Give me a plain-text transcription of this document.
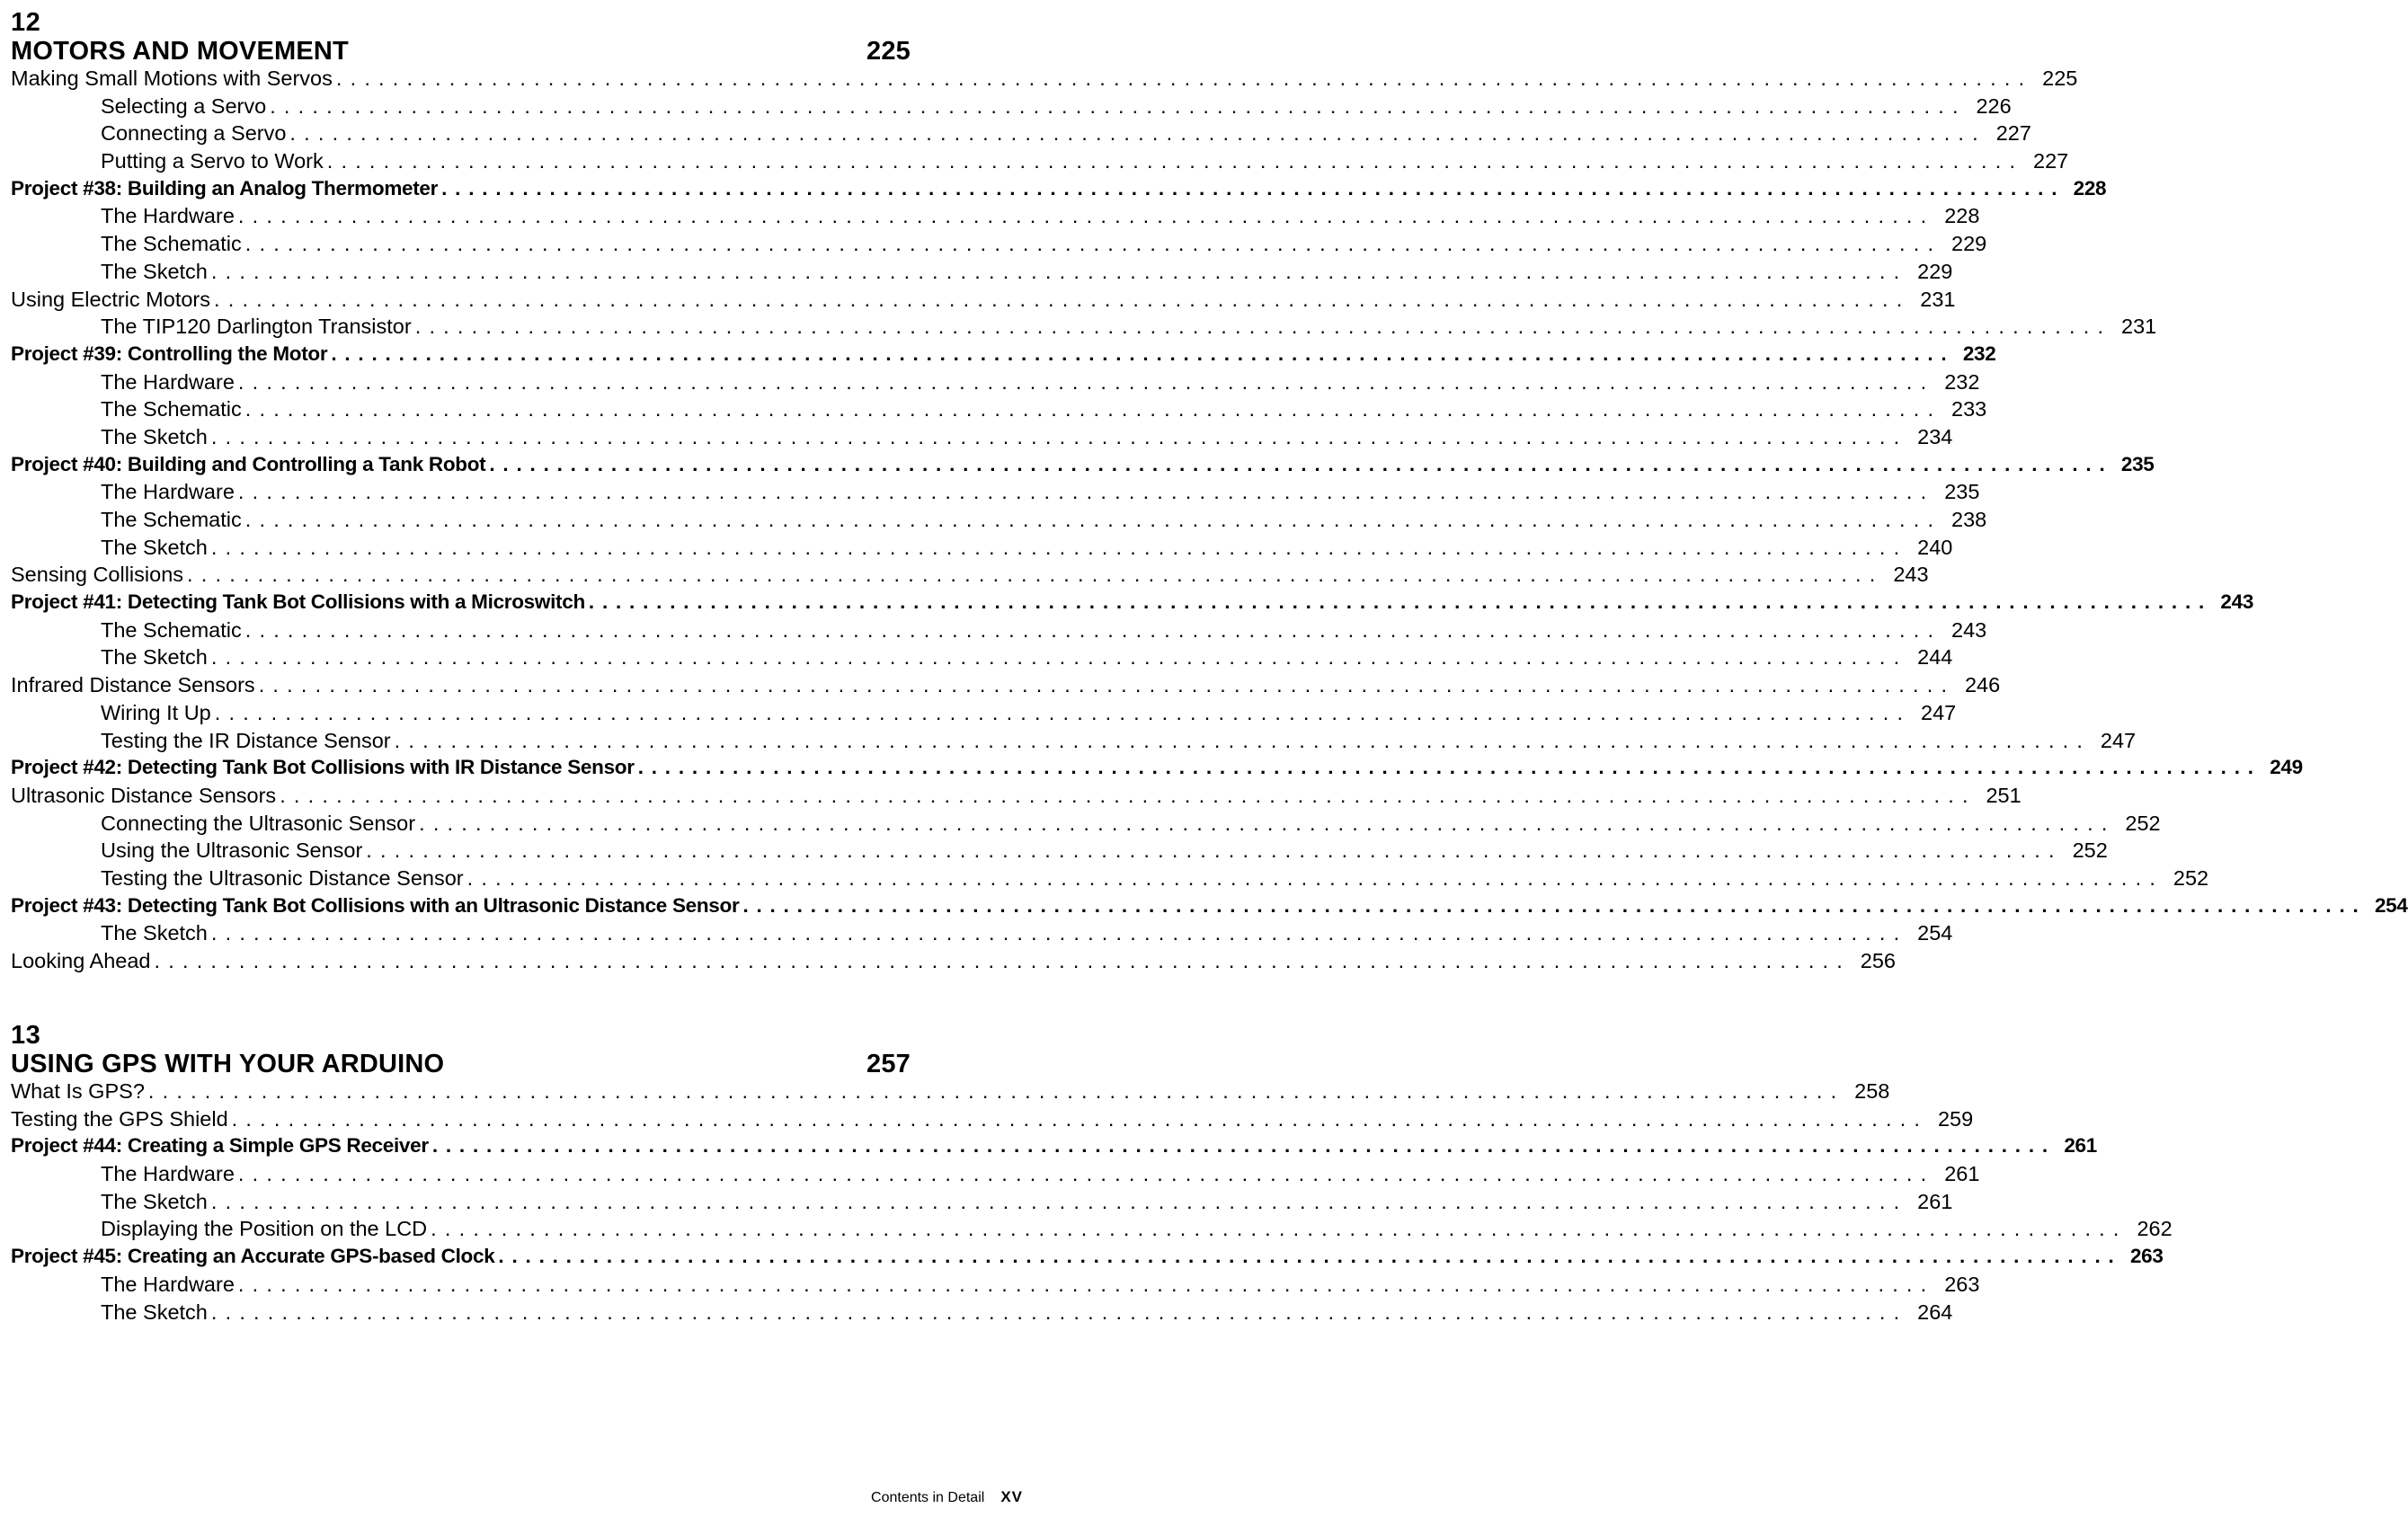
12
MOTORS AND MOVEMENT	225
Making Small Motions with Servos ........................................................................................................................ 225
Selecting a Servo ........................................................................................................................ 226
Connecting a Servo ........................................................................................................................ 227
Putting a Servo to Work ........................................................................................................................ 227
Project #38: Building an Analog Thermometer ........................................................................................................................ 228
The Hardware ........................................................................................................................ 228
The Schematic ........................................................................................................................ 229
The Sketch ........................................................................................................................ 229
Using Electric Motors ........................................................................................................................ 231
The TIP120 Darlington Transistor ........................................................................................................................ 231
Project #39: Controlling the Motor ........................................................................................................................ 232
The Hardware ........................................................................................................................ 232
The Schematic ........................................................................................................................ 233
The Sketch ........................................................................................................................ 234
Project #40: Building and Controlling a Tank Robot ........................................................................................................................ 235
The Hardware ........................................................................................................................ 235
The Schematic ........................................................................................................................ 238
The Sketch ........................................................................................................................ 240
Sensing Collisions ........................................................................................................................ 243
Project #41: Detecting Tank Bot Collisions with a Microswitch ........................................................................................................................ 243
The Schematic ........................................................................................................................ 243
The Sketch ........................................................................................................................ 244
Infrared Distance Sensors ........................................................................................................................ 246
Wiring It Up ........................................................................................................................ 247
Testing the IR Distance Sensor ........................................................................................................................ 247
Project #42: Detecting Tank Bot Collisions with IR Distance Sensor ........................................................................................................................ 249
Ultrasonic Distance Sensors ........................................................................................................................ 251
Connecting the Ultrasonic Sensor ........................................................................................................................ 252
Using the Ultrasonic Sensor ........................................................................................................................ 252
Testing the Ultrasonic Distance Sensor ........................................................................................................................ 252
Project #43: Detecting Tank Bot Collisions with an Ultrasonic Distance Sensor ........................................................................................................................ 254
The Sketch ........................................................................................................................ 254
Looking Ahead ........................................................................................................................ 256
13
USING GPS WITH YOUR ARDUINO	257
What Is GPS? ........................................................................................................................ 258
Testing the GPS Shield ........................................................................................................................ 259
Project #44: Creating a Simple GPS Receiver ........................................................................................................................ 261
The Hardware ........................................................................................................................ 261
The Sketch ........................................................................................................................ 261
Displaying the Position on the LCD ........................................................................................................................ 262
Project #45: Creating an Accurate GPS-based Clock ........................................................................................................................ 263
The Hardware ........................................................................................................................ 263
The Sketch ........................................................................................................................ 264
Contents in Detail XV
